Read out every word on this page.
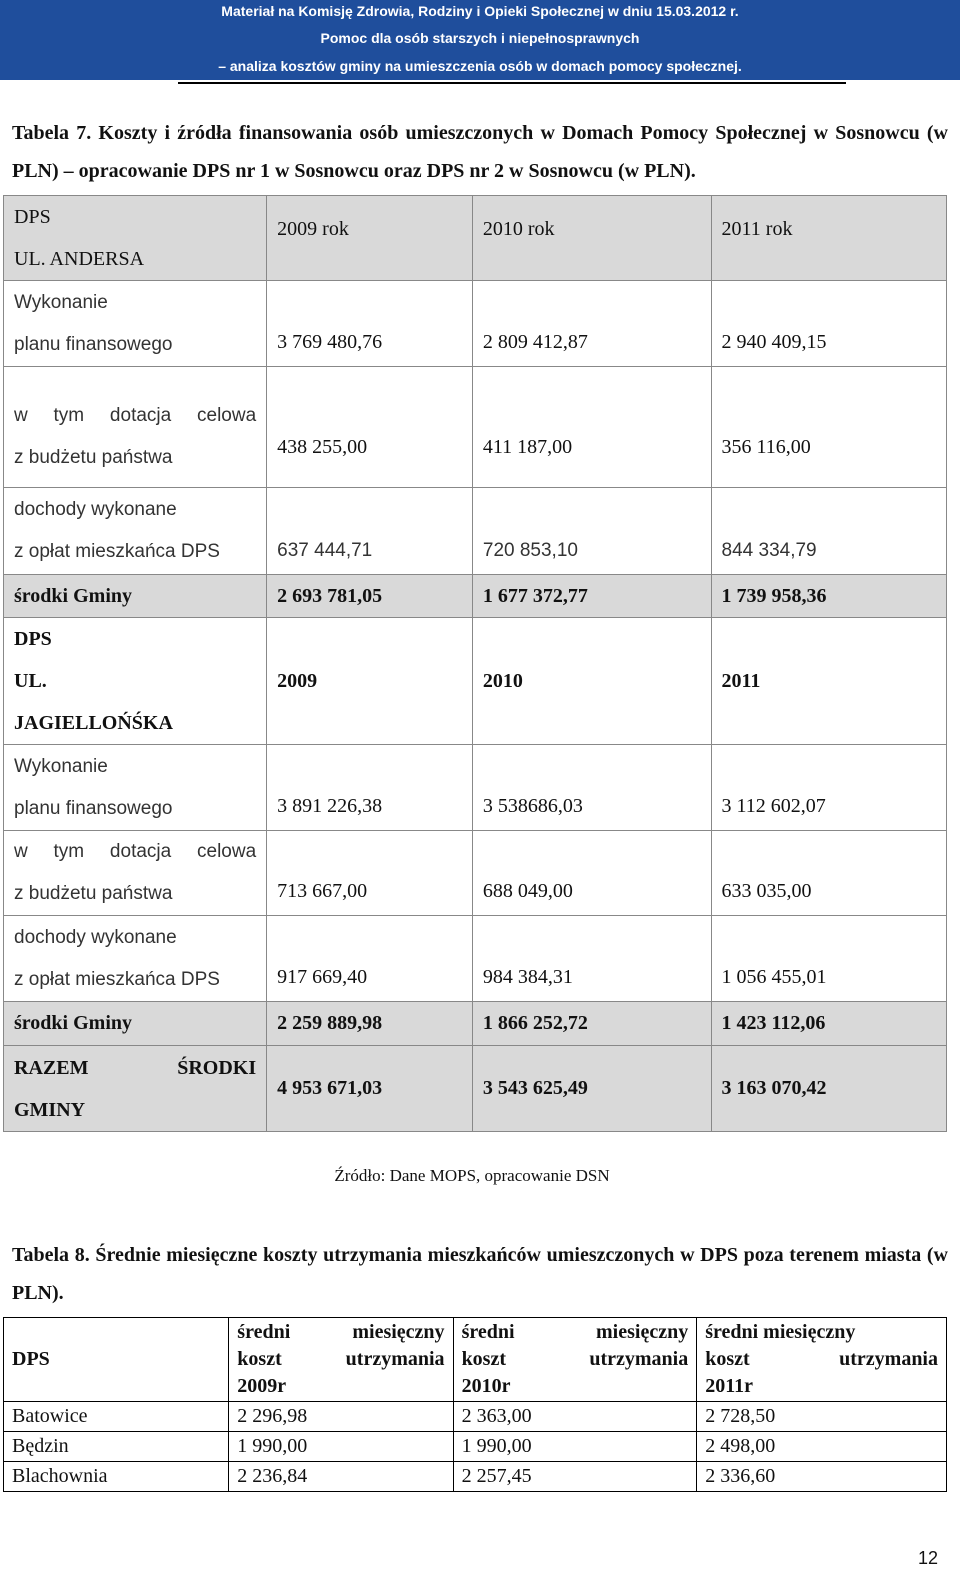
Materiał na Komisję Zdrowia, Rodziny i Opieki Społecznej w dniu 15.03.2012 r.
Pomoc dla osób starszych i niepełnosprawnych
– analiza kosztów gminy na umieszczenia osób w domach pomocy społecznej.
Tabela 7. Koszty i źródła finansowania osób umieszczonych w Domach Pomocy Społecznej w Sosnowcu (w PLN) – opracowanie DPS nr 1 w Sosnowcu oraz DPS nr 2 w Sosnowcu (w PLN).
DPS
UL. ANDERSA	2009 rok	2010 rok	2011 rok
Wykonanie
planu finansowego	3 769 480,76	2 809 412,87	2 940 409,15

w tym dotacja celowa
z budżetu państwa	438 255,00	411 187,00	356 116,00
dochody wykonane
z opłat mieszkańca DPS	637 444,71	720 853,10	844 334,79
środki Gminy	2 693 781,05	1 677 372,77	1 739 958,36
DPS
UL.
JAGIELLOŃŚKA	2009	2010	2011
Wykonanie
planu finansowego	3 891 226,38	3 538686,03	3 112 602,07

w tym dotacja celowa
z budżetu państwa	713 667,00	688 049,00	633 035,00
dochody wykonane
z opłat mieszkańca DPS	917 669,40	984 384,31	1 056 455,01
środki Gminy	2 259 889,98	1 866 252,72	1 423 112,06

RAZEM ŚRODKI
GMINY	4 953 671,03	3 543 625,49	3 163 070,42
Źródło: Dane MOPS, opracowanie DSN
Tabela 8. Średnie miesięczne koszty utrzymania mieszkańców umieszczonych w DPS poza terenem miasta (w PLN).
DPS	średni miesięczny
koszt utrzymania
2009r	średni miesięczny
koszt utrzymania
2010r	średni miesięczny
koszt utrzymania
2011r
Batowice	2 296,98	2 363,00	2 728,50
Będzin	1 990,00	1 990,00	2 498,00
Blachownia	2 236,84	2 257,45	2 336,60
12
